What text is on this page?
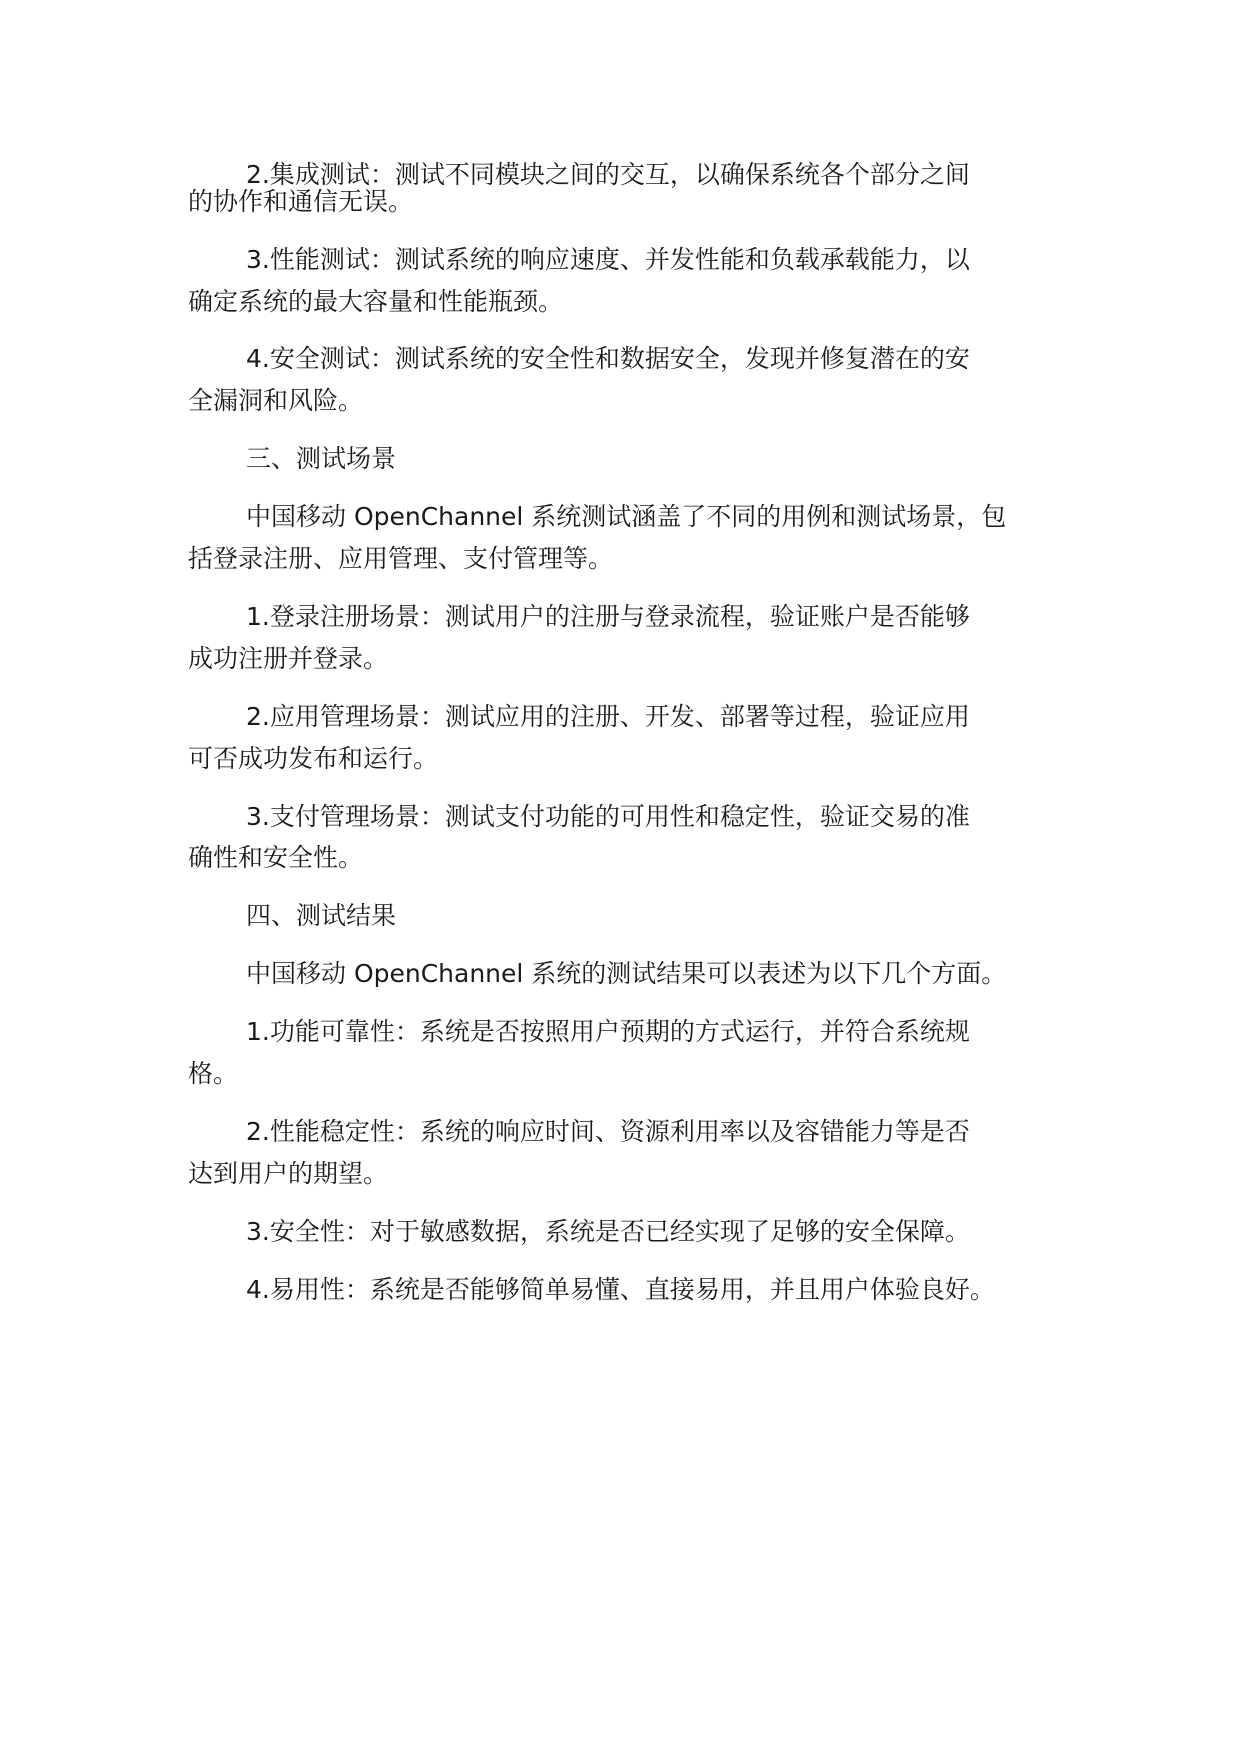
2.集成测试：测试不同模块之间的交互，以确保系统各个部分之间

的协作和通信无误。

3.性能测试：测试系统的响应速度、并发性能和负载承载能力，以

确定系统的最大容量和性能瓶颈。

4.安全测试：测试系统的安全性和数据安全，发现并修复潜在的安

全漏洞和风险。

三、测试场景

中国移动 OpenChannel 系统测试涵盖了不同的用例和测试场景，包

括登录注册、应用管理、支付管理等。

1.登录注册场景：测试用户的注册与登录流程，验证账户是否能够

成功注册并登录。

2.应用管理场景：测试应用的注册、开发、部署等过程，验证应用

可否成功发布和运行。

3.支付管理场景：测试支付功能的可用性和稳定性，验证交易的准

确性和安全性。

四、测试结果

中国移动 OpenChannel 系统的测试结果可以表述为以下几个方面。

1.功能可靠性：系统是否按照用户预期的方式运行，并符合系统规

格。

2.性能稳定性：系统的响应时间、资源利用率以及容错能力等是否

达到用户的期望。

3.安全性：对于敏感数据，系统是否已经实现了足够的安全保障。

4.易用性：系统是否能够简单易懂、直接易用，并且用户体验良好。
